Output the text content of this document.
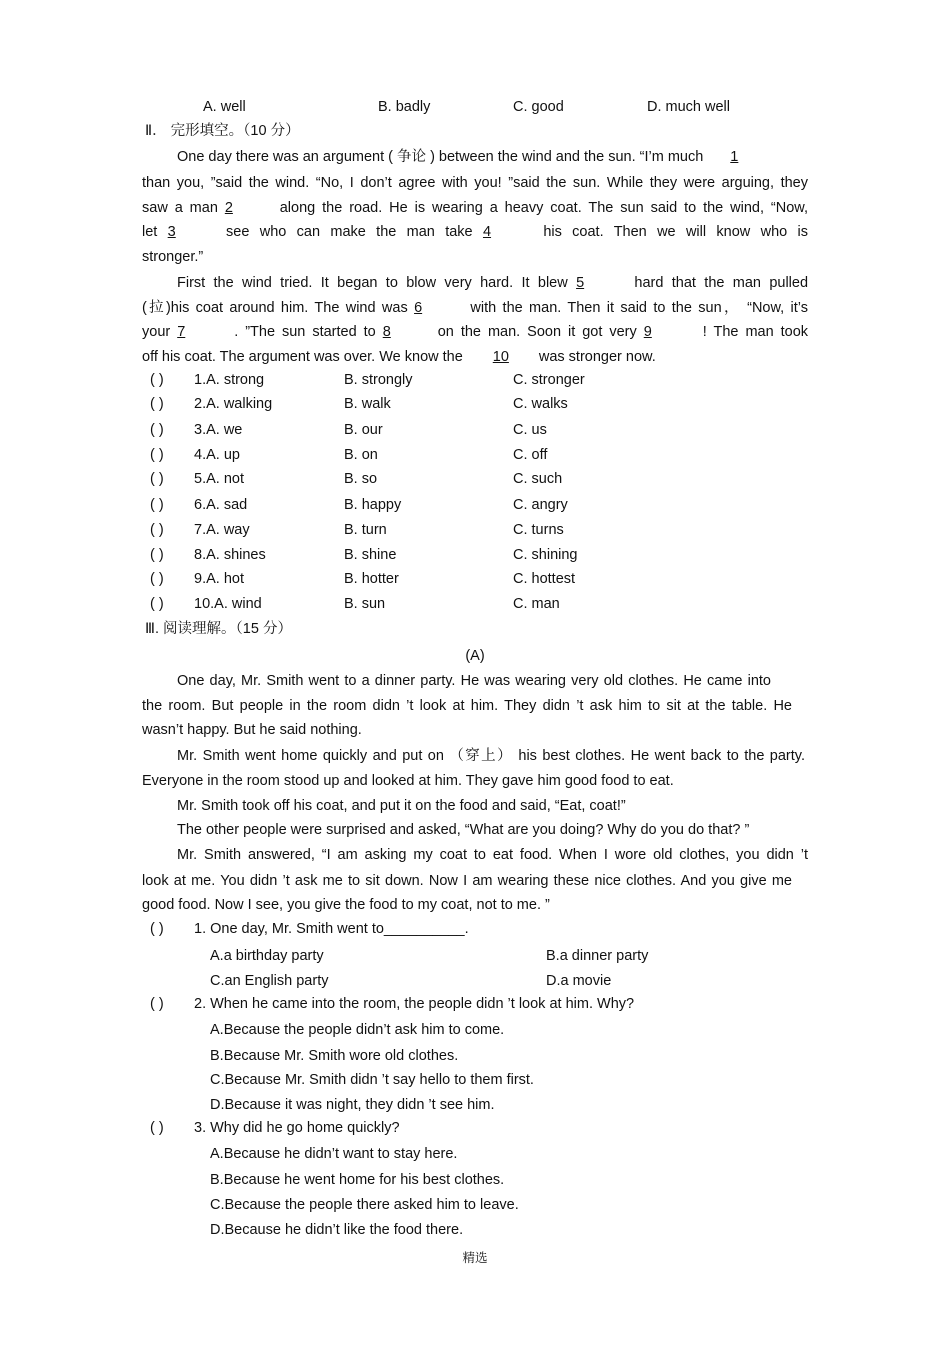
A. well	B. badly	C. good	D. much well
Ⅱ． 完形填空。（10 分）
One day there was an argument ( 争论 ) between the wind and the sun. “I’m much 1
than you, ”said the wind. “No, I don’t agree with you! ”said the sun. While they were arguing, they
saw a man 2	along the road. He is wearing a heavy coat. The sun said to the wind, “Now,
let 3	see who can make the man take 4	his coat. Then we will know who is
stronger.”
First the wind tried. It began to blow very hard. It blew 5	hard that the man pulled
(拉)his coat around him. The wind was 6	with the man. Then it said to the sun， “Now, it’s
your 7	. ”The sun started to 8	on the man. Soon it got very 9	! The man took
off his coat. The argument was over. We know the 10 was stronger now.
( ) 1.A. strong	B. strongly	C. stronger
( ) 2.A. walking	B. walk	C. walks
( ) 3.A. we	B. our	C. us
( ) 4.A. up	B. on	C. off
( ) 5.A. not	B. so	C. such
( ) 6.A. sad	B. happy	C. angry
( ) 7.A. way	B. turn	C. turns
( ) 8.A. shines	B. shine	C. shining
( ) 9.A. hot	B. hotter	C. hottest
( ) 10.A. wind	B. sun	C. man
Ⅲ. 阅读理解。（15 分）
(A)
One day, Mr. Smith went to a dinner party. He was wearing very old clothes. He came into
the room. But people in the room didn ’t look at him. They didn ’t ask him to sit at the table. He
wasn’t happy. But he said nothing.
Mr. Smith went home quickly and put on （穿上） his best clothes. He went back to the party.
Everyone in the room stood up and looked at him. They gave him good food to eat.
Mr. Smith took off his coat, and put it on the food and said, “Eat, coat!”
The other people were surprised and asked, “What are you doing? Why do you do that? ”
Mr. Smith answered, “I am asking my coat to eat food. When I wore old clothes, you didn ’t
look at me. You didn ’t ask me to sit down. Now I am wearing these nice clothes. And you give me
good food. Now I see, you give the food to my coat, not to me. ”
( ) 1. One day, Mr. Smith went to__________.
A.a birthday party	B.a dinner party
C.an English party	D.a movie
( ) 2. When he came into the room, the people didn ’t look at him. Why?
A.Because the people didn’t ask him to come.
B.Because Mr. Smith wore old clothes.
C.Because Mr. Smith didn ’t say hello to them first.
D.Because it was night, they didn ’t see him.
( ) 3. Why did he go home quickly?
A.Because he didn’t want to stay here.
B.Because he went home for his best clothes.
C.Because the people there asked him to leave.
D.Because he didn’t like the food there.
精选
